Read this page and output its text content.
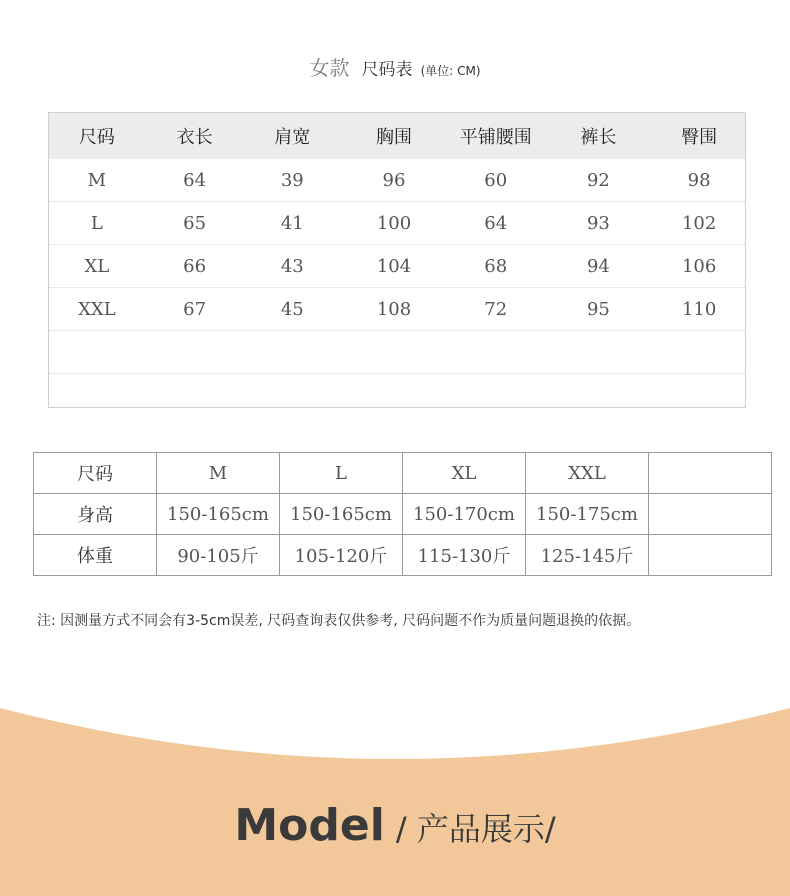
女款 尺码表 (单位: CM)
尺码	衣长	肩宽	胸围	平铺腰围	裤长	臀围
M	64	39	96	60	92	98
L	65	41	100	64	93	102
XL	66	43	104	68	94	106
XXL	67	45	108	72	95	110
尺码	M	L	XL	XXL	
身高	150-165cm	150-165cm	150-170cm	150-175cm	
体重	90-105斤	105-120斤	115-130斤	125-145斤	
注: 因测量方式不同会有3-5cm误差, 尺码查询表仅供参考, 尺码问题不作为质量问题退换的依据。
Model / 产品展示/
